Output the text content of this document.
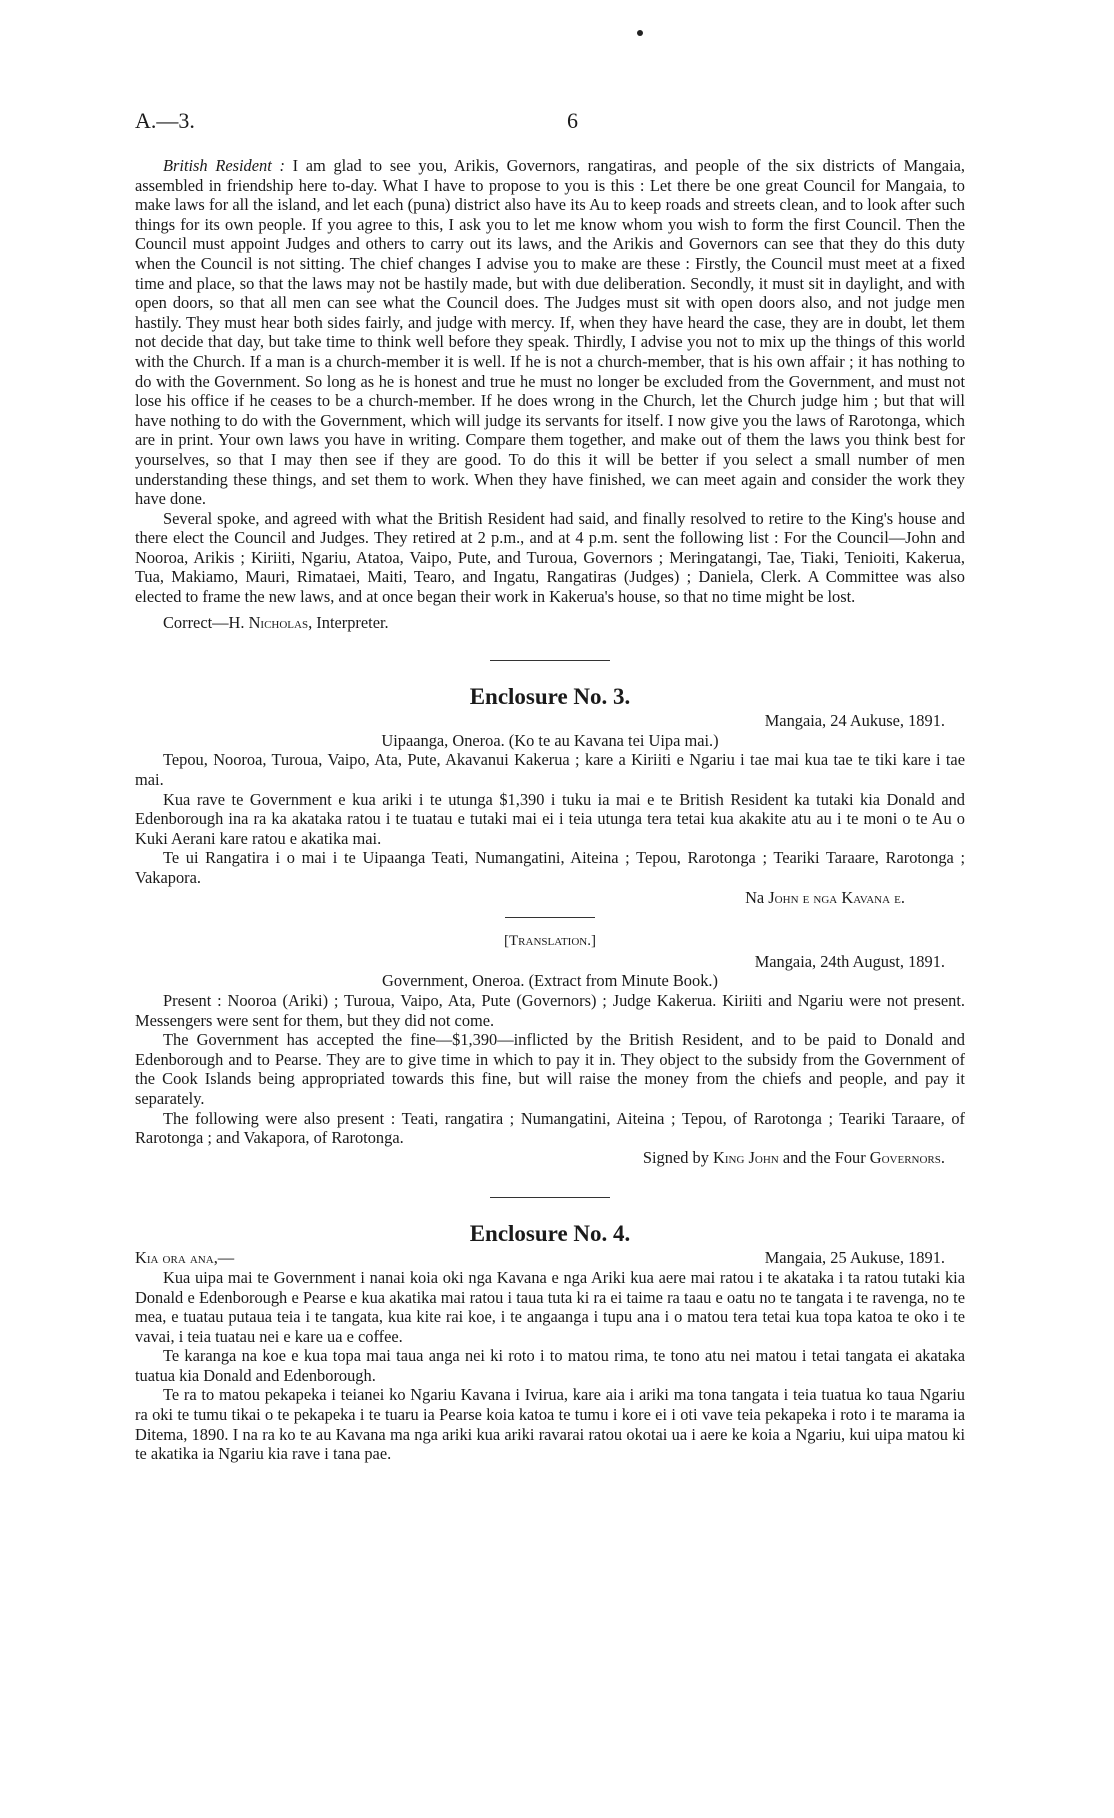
A.—3.	6

British Resident : I am glad to see you, Arikis, Governors, rangatiras, and people of the six districts of Mangaia, assembled in friendship here to-day. What I have to propose to you is this : Let there be one great Council for Mangaia, to make laws for all the island, and let each (puna) district also have its Au to keep roads and streets clean, and to look after such things for its own people. If you agree to this, I ask you to let me know whom you wish to form the first Council. Then the Council must appoint Judges and others to carry out its laws, and the Arikis and Governors can see that they do this duty when the Council is not sitting. The chief changes I advise you to make are these : Firstly, the Council must meet at a fixed time and place, so that the laws may not be hastily made, but with due deliberation. Secondly, it must sit in daylight, and with open doors, so that all men can see what the Council does. The Judges must sit with open doors also, and not judge men hastily. They must hear both sides fairly, and judge with mercy. If, when they have heard the case, they are in doubt, let them not decide that day, but take time to think well before they speak. Thirdly, I advise you not to mix up the things of this world with the Church. If a man is a church-member it is well. If he is not a church-member, that is his own affair ; it has nothing to do with the Government. So long as he is honest and true he must no longer be excluded from the Government, and must not lose his office if he ceases to be a church-member. If he does wrong in the Church, let the Church judge him ; but that will have nothing to do with the Government, which will judge its servants for itself. I now give you the laws of Rarotonga, which are in print. Your own laws you have in writing. Compare them together, and make out of them the laws you think best for yourselves, so that I may then see if they are good. To do this it will be better if you select a small number of men understanding these things, and set them to work. When they have finished, we can meet again and consider the work they have done.

Several spoke, and agreed with what the British Resident had said, and finally resolved to retire to the King's house and there elect the Council and Judges. They retired at 2 p.m., and at 4 p.m. sent the following list : For the Council—John and Nooroa, Arikis ; Kiriiti, Ngariu, Atatoa, Vaipo, Pute, and Turoua, Governors ; Meringatangi, Tae, Tiaki, Tenioiti, Kakerua, Tua, Makiamo, Mauri, Rimataei, Maiti, Tearo, and Ingatu, Rangatiras (Judges) ; Daniela, Clerk. A Committee was also elected to frame the new laws, and at once began their work in Kakerua's house, so that no time might be lost.

Correct—H. Nicholas, Interpreter.

Enclosure No. 3.
Mangaia, 24 Aukuse, 1891.
Uipaanga, Oneroa. (Ko te au Kavana tei Uipa mai.)

Tepou, Nooroa, Turoua, Vaipo, Ata, Pute, Akavanui Kakerua ; kare a Kiriiti e Ngariu i tae mai kua tae te tiki kare i tae mai.

Kua rave te Government e kua ariki i te utunga $1,390 i tuku ia mai e te British Resident ka tutaki kia Donald and Edenborough ina ra ka akataka ratou i te tuatau e tutaki mai ei i teia utunga tera tetai kua akakite atu au i te moni o te Au o Kuki Aerani kare ratou e akatika mai.

Te ui Rangatira i o mai i te Uipaanga Teati, Numangatini, Aiteina ; Tepou, Rarotonga ; Teariki Taraare, Rarotonga ; Vakapora.

Na John e nga Kavana e.
[Translation.]
Mangaia, 24th August, 1891.
Government, Oneroa. (Extract from Minute Book.)

Present : Nooroa (Ariki) ; Turoua, Vaipo, Ata, Pute (Governors) ; Judge Kakerua. Kiriiti and Ngariu were not present. Messengers were sent for them, but they did not come.

The Government has accepted the fine—$1,390—inflicted by the British Resident, and to be paid to Donald and Edenborough and to Pearse. They are to give time in which to pay it in. They object to the subsidy from the Government of the Cook Islands being appropriated towards this fine, but will raise the money from the chiefs and people, and pay it separately.

The following were also present : Teati, rangatira ; Numangatini, Aiteina ; Tepou, of Rarotonga ; Teariki Taraare, of Rarotonga ; and Vakapora, of Rarotonga.

Signed by King John and the Four Governors.
Enclosure No. 4.
Kia ora ana,—	Mangaia, 25 Aukuse, 1891.

Kua uipa mai te Government i nanai koia oki nga Kavana e nga Ariki kua aere mai ratou i te akataka i ta ratou tutaki kia Donald e Edenborough e Pearse e kua akatika mai ratou i taua tuta ki ra ei taime ra taau e oatu no te tangata i te ravenga, no te mea, e tuatau putaua teia i te tangata, kua kite rai koe, i te angaanga i tupu ana i o matou tera tetai kua topa katoa te oko i te vavai, i teia tuatau nei e kare ua e coffee.

Te karanga na koe e kua topa mai taua anga nei ki roto i to matou rima, te tono atu nei matou i tetai tangata ei akataka tuatua kia Donald and Edenborough.

Te ra to matou pekapeka i teianei ko Ngariu Kavana i Ivirua, kare aia i ariki ma tona tangata i teia tuatua ko taua Ngariu ra oki te tumu tikai o te pekapeka i te tuaru ia Pearse koia katoa te tumu i kore ei i oti vave teia pekapeka i roto i te marama ia Ditema, 1890. I na ra ko te au Kavana ma nga ariki kua ariki ravarai ratou okotai ua i aere ke koia a Ngariu, kui uipa matou ki te akatika ia Ngariu kia rave i tana pae.
